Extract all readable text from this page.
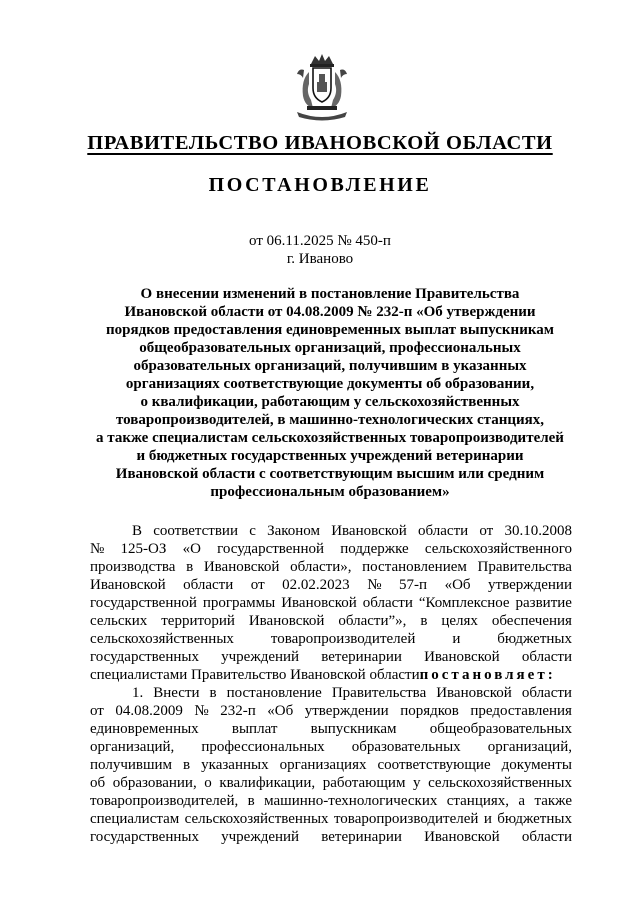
ПРАВИТЕЛЬСТВО ИВАНОВСКОЙ ОБЛАСТИ
ПОСТАНОВЛЕНИЕ
от 06.11.2025 № 450-п
г. Иваново
О внесении изменений в постановление Правительства
Ивановской области от 04.08.2009 № 232-п «Об утверждении
порядков предоставления единовременных выплат выпускникам
общеобразовательных организаций, профессиональных
образовательных организаций, получившим в указанных
организациях соответствующие документы об образовании,
о квалификации, работающим у сельскохозяйственных
товаропроизводителей, в машинно-технологических станциях,
а также специалистам сельскохозяйственных товаропроизводителей
и бюджетных государственных учреждений ветеринарии
Ивановской области с соответствующим высшим или средним
профессиональным образованием»
В соответствии с Законом Ивановской области от 30.10.2008
№ 125-ОЗ «О государственной поддержке сельскохозяйственного
производства в Ивановской области», постановлением Правительства
Ивановской области от 02.02.2023 № 57-п «Об утверждении
государственной программы Ивановской области “Комплексное развитие
сельских территорий Ивановской области”», в целях обеспечения
сельскохозяйственных товаропроизводителей и бюджетных
государственных учреждений ветеринарии Ивановской области
специалистами Правительство Ивановской области постановляет:
1. Внести в постановление Правительства Ивановской области
от 04.08.2009 № 232-п «Об утверждении порядков предоставления
единовременных выплат выпускникам общеобразовательных
организаций, профессиональных образовательных организаций,
получившим в указанных организациях соответствующие документы
об образовании, о квалификации, работающим у сельскохозяйственных
товаропроизводителей, в машинно-технологических станциях, а также
специалистам сельскохозяйственных товаропроизводителей и бюджетных
государственных учреждений ветеринарии Ивановской области
